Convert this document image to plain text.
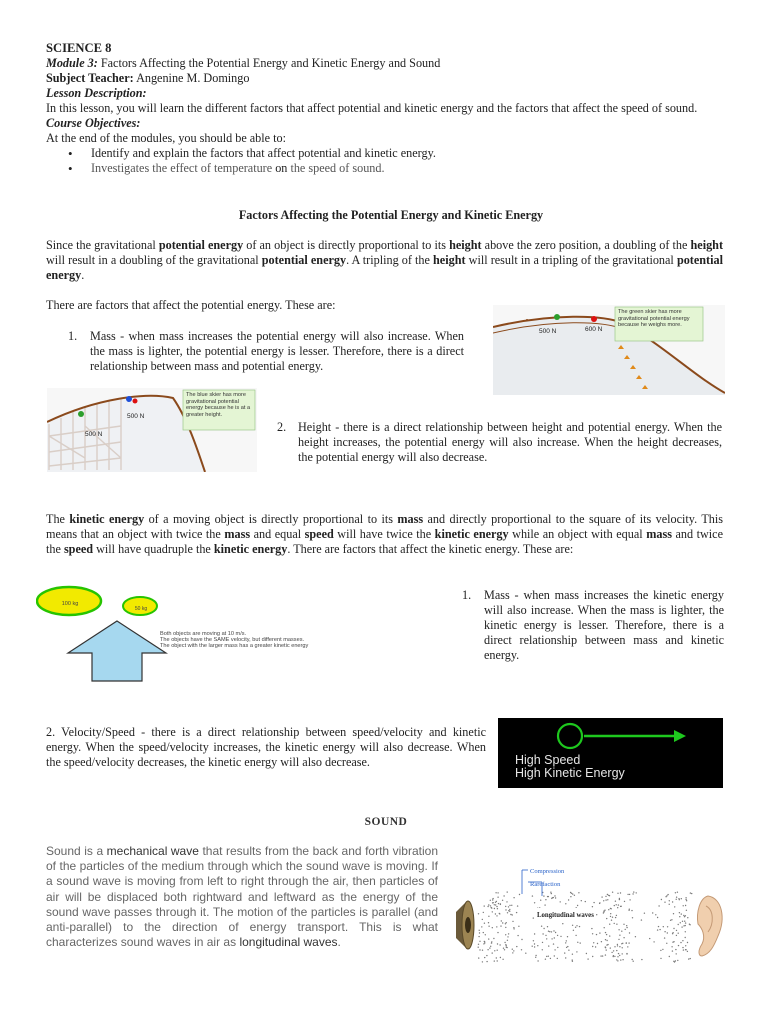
SCIENCE 8

Module 3: Factors Affecting the Potential Energy and Kinetic Energy and Sound

Subject Teacher: Angenine M. Domingo

Lesson Description:

In this lesson, you will learn the different factors that affect potential and kinetic energy and the factors that affect the speed of sound.

Course Objectives:

At the end of the modules, you should be able to:

• Identify and explain the factors that affect potential and kinetic energy.
• Investigates the effect of temperature on the speed of sound.
Factors Affecting the Potential Energy and Kinetic Energy

Since the gravitational potential energy of an object is directly proportional to its height above the zero position, a doubling of the height will result in a doubling of the gravitational potential energy. A tripling of the height will result in a tripling of the gravitational potential energy.

There are factors that affect the potential energy. These are:

1. Mass - when mass increases the potential energy will also increase. When the mass is lighter, the potential energy is lesser. Therefore, there is a direct relationship between mass and potential energy.

500 N	600 N
The green skier has more gravitational potential energy because he weighs more.
500 N
500 N
The blue skier has more gravitational potential energy because he is at a greater height.
2. Height - there is a direct relationship between height and potential energy. When the height increases, the potential energy will also increase. When the height decreases, the potential energy will also decrease.

The kinetic energy of a moving object is directly proportional to its mass and directly proportional to the square of its velocity. This means that an object with twice the mass and equal speed will have twice the kinetic energy while an object with equal mass and twice the speed will have quadruple the kinetic energy. There are factors that affect the kinetic energy. These are:

100 kg
50 kg
Both objects are moving at 10 m/s.
The objects have the SAME velocity, but different masses.
The object with the larger mass has a greater kinetic energy
1. Mass - when mass increases the kinetic energy will also increase. When the mass is lighter, the kinetic energy is lesser. Therefore, there is a direct relationship between mass and kinetic energy.

2. Velocity/Speed - there is a direct relationship between speed/velocity and kinetic energy. When the speed/velocity increases, the kinetic energy will also decrease. When the speed/velocity decreases, the kinetic energy will also decrease.	High Speed
High Kinetic Energy
SOUND

Sound is a mechanical wave that results from the back and forth vibration of the particles of the medium through which the sound wave is moving. If a sound wave is moving from left to right through the air, then particles of air will be displaced both rightward and leftward as the energy of the sound wave passes through it. The motion of the particles is parallel (and anti-parallel) to the direction of energy transport. This is what characterizes sound waves in air as longitudinal waves.

Compression
Rarefaction
Longitudinal waves
